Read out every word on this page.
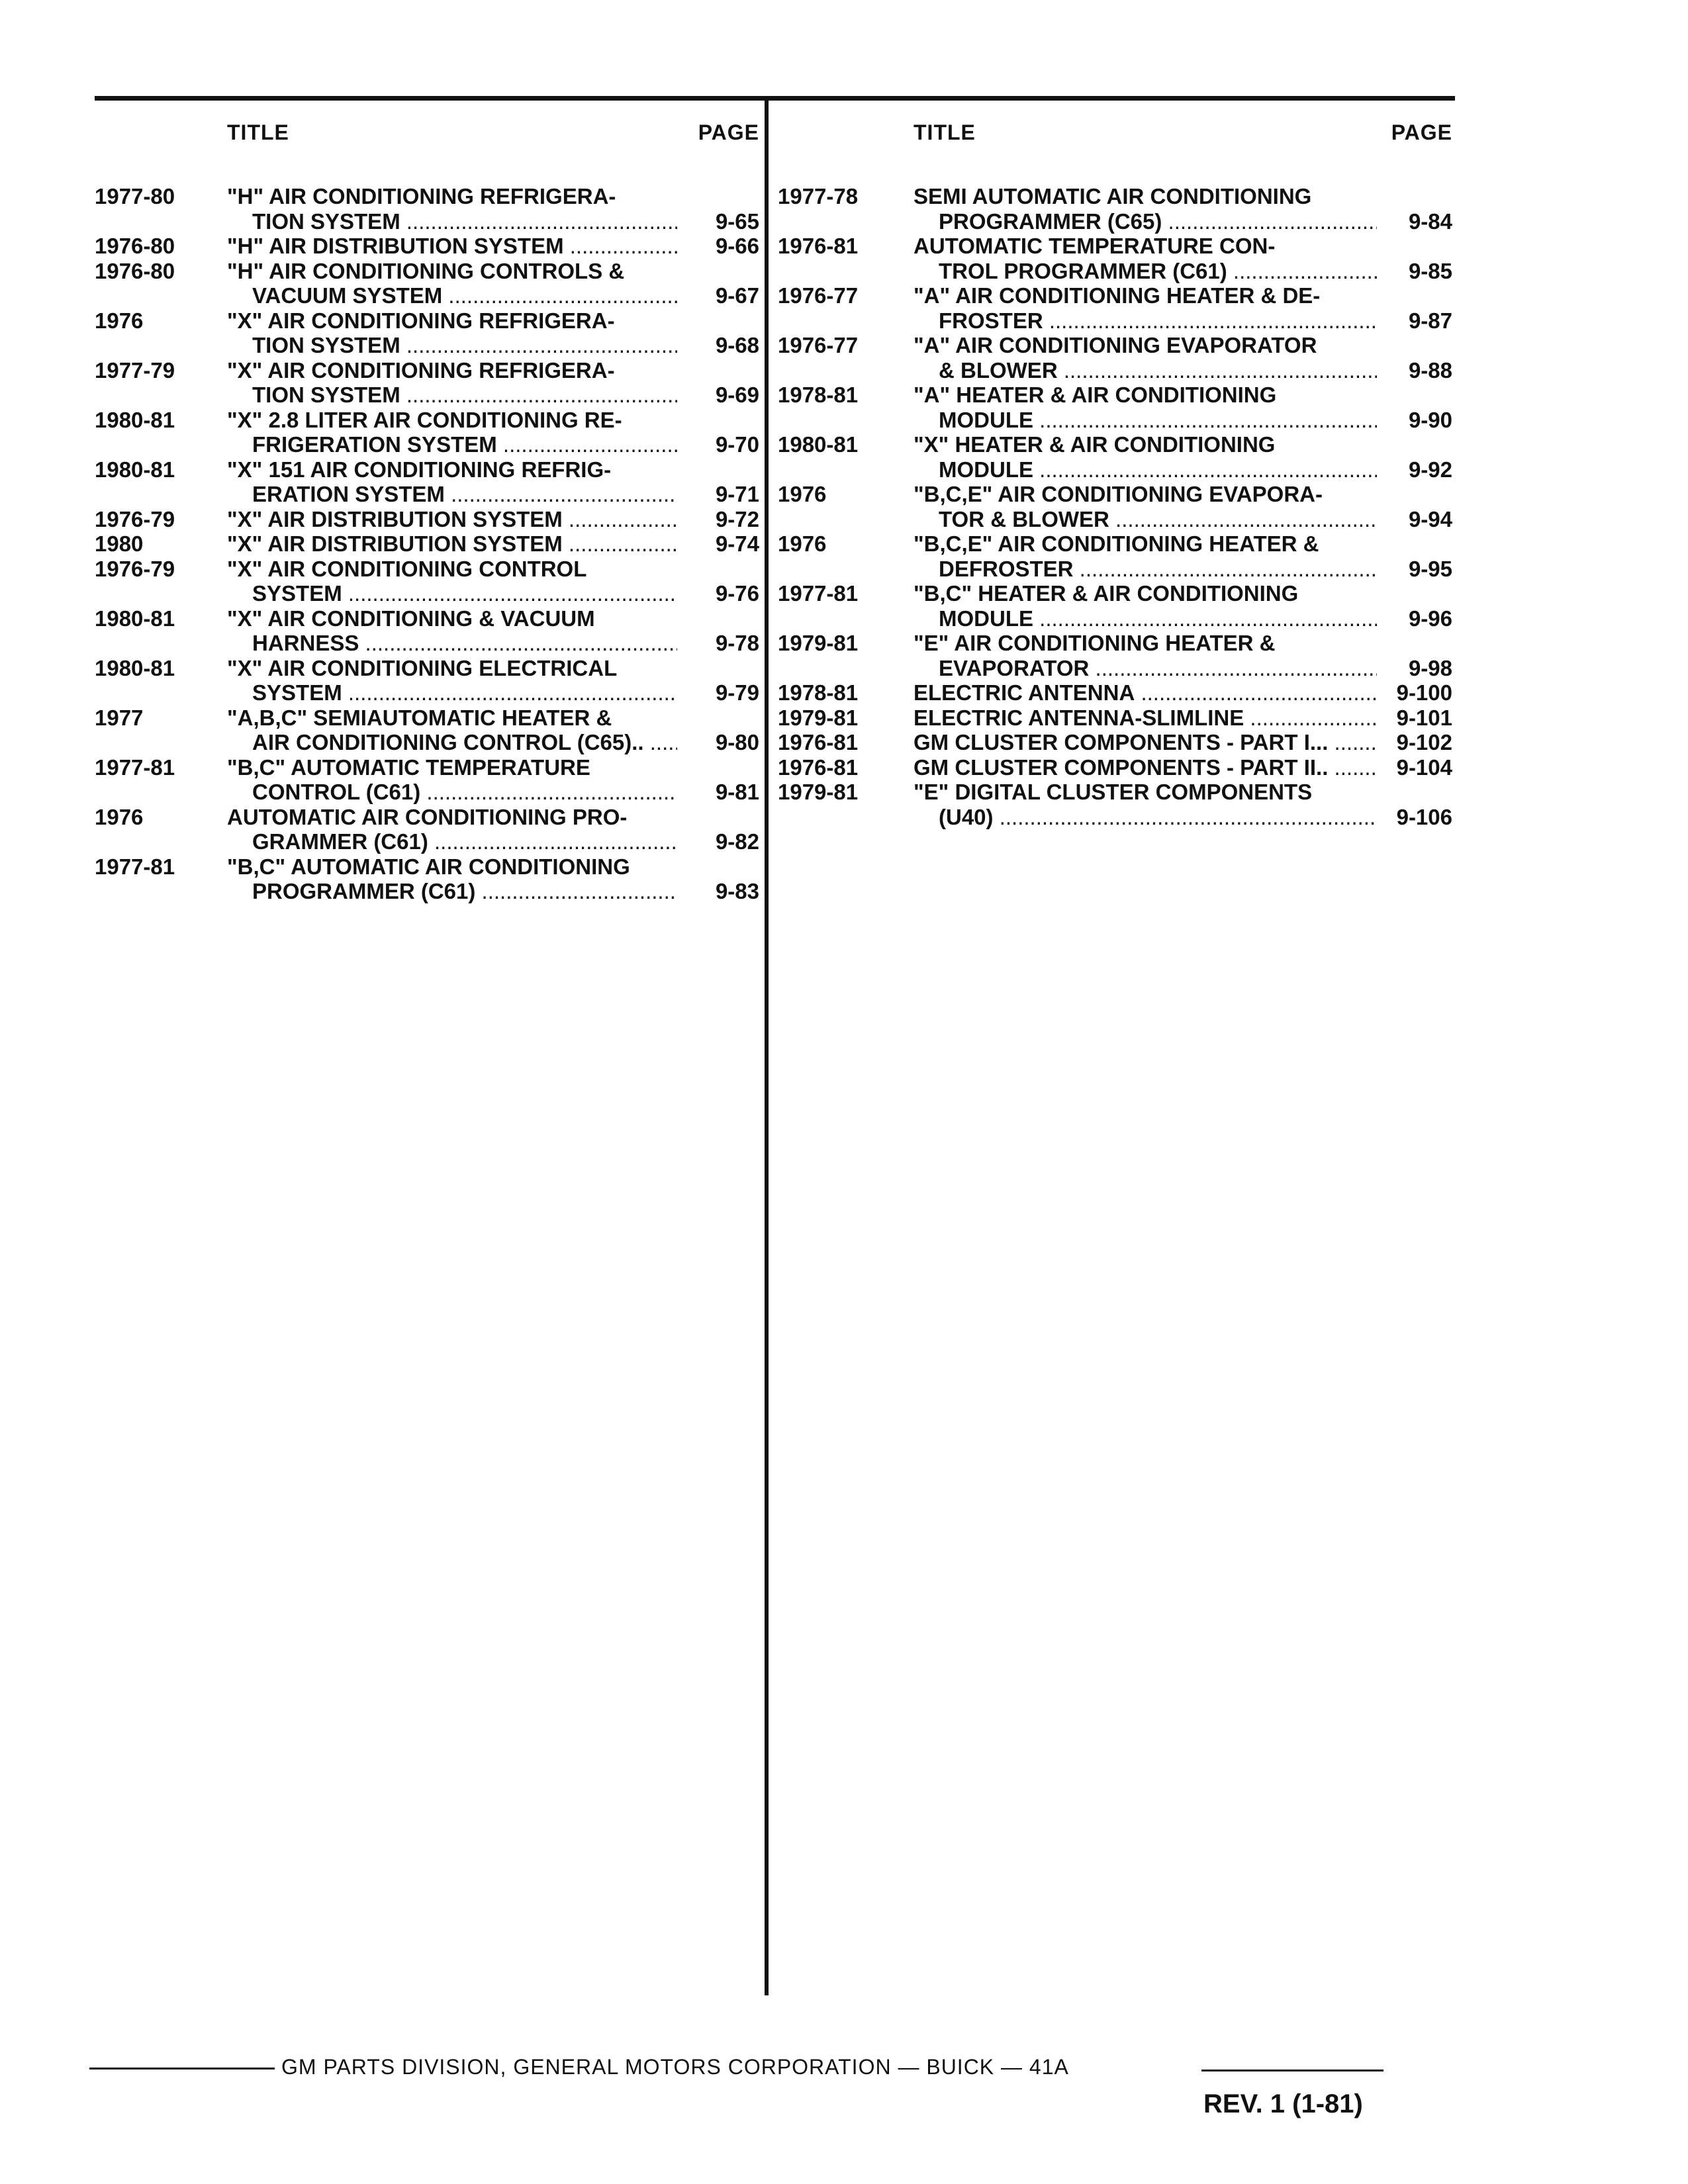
TITLE	PAGE
1977-80 "H" AIR CONDITIONING REFRIGERA-
TION SYSTEM .....	9-65
1976-80 "H" AIR DISTRIBUTION SYSTEM .....	9-66
1976-80 "H" AIR CONDITIONING CONTROLS &
VACUUM SYSTEM .....	9-67
1976	"X" AIR CONDITIONING REFRIGERA-
TION SYSTEM .....	9-68
1977-79 "X" AIR CONDITIONING REFRIGERA-
TION SYSTEM .....	9-69
1980-81 "X" 2.8 LITER AIR CONDITIONING RE-
FRIGERATION SYSTEM .....	9-70
1980-81 "X" 151 AIR CONDITIONING REFRIG-
ERATION SYSTEM .....	9-71
1976-79 "X" AIR DISTRIBUTION SYSTEM .....	9-72
1980	"X" AIR DISTRIBUTION SYSTEM .....	9-74
1976-79 "X" AIR CONDITIONING CONTROL
SYSTEM .....	9-76
1980-81 "X" AIR CONDITIONING & VACUUM
HARNESS .....	9-78
1980-81 "X" AIR CONDITIONING ELECTRICAL
SYSTEM .....	9-79
1977	"A,B,C" SEMIAUTOMATIC HEATER &
AIR CONDITIONING CONTROL (C65).. .....	9-80
1977-81 "B,C" AUTOMATIC TEMPERATURE
CONTROL (C61) .....	9-81
1976	AUTOMATIC AIR CONDITIONING PRO-
GRAMMER (C61) .....	9-82
1977-81 "B,C" AUTOMATIC AIR CONDITIONING
PROGRAMMER (C61) .....	9-83
TITLE	PAGE
1977-78	SEMI AUTOMATIC AIR CONDITIONING
PROGRAMMER (C65) .....	9-84
1976-81	AUTOMATIC TEMPERATURE CON-
TROL PROGRAMMER (C61) .....	9-85
1976-77	"A" AIR CONDITIONING HEATER & DE-
FROSTER .....	9-87
1976-77	"A" AIR CONDITIONING EVAPORATOR
& BLOWER .....	9-88
1978-81	"A" HEATER & AIR CONDITIONING
MODULE .....	9-90
1980-81	"X" HEATER & AIR CONDITIONING
MODULE .....	9-92
1976	"B,C,E" AIR CONDITIONING EVAPORA-
TOR & BLOWER .....	9-94
1976	"B,C,E" AIR CONDITIONING HEATER &
DEFROSTER .....	9-95
1977-81	"B,C" HEATER & AIR CONDITIONING
MODULE .....	9-96
1979-81	"E" AIR CONDITIONING HEATER &
EVAPORATOR .....	9-98
1978-81	ELECTRIC ANTENNA .....	9-100
1979-81	ELECTRIC ANTENNA-SLIMLINE .....	9-101
1976-81	GM CLUSTER COMPONENTS - PART I... .....	9-102
1976-81	GM CLUSTER COMPONENTS - PART II.. .....	9-104
1979-81	"E" DIGITAL CLUSTER COMPONENTS
(U40) .....	9-106
GM PARTS DIVISION, GENERAL MOTORS CORPORATION — BUICK — 41A
REV. 1 (1-81)
